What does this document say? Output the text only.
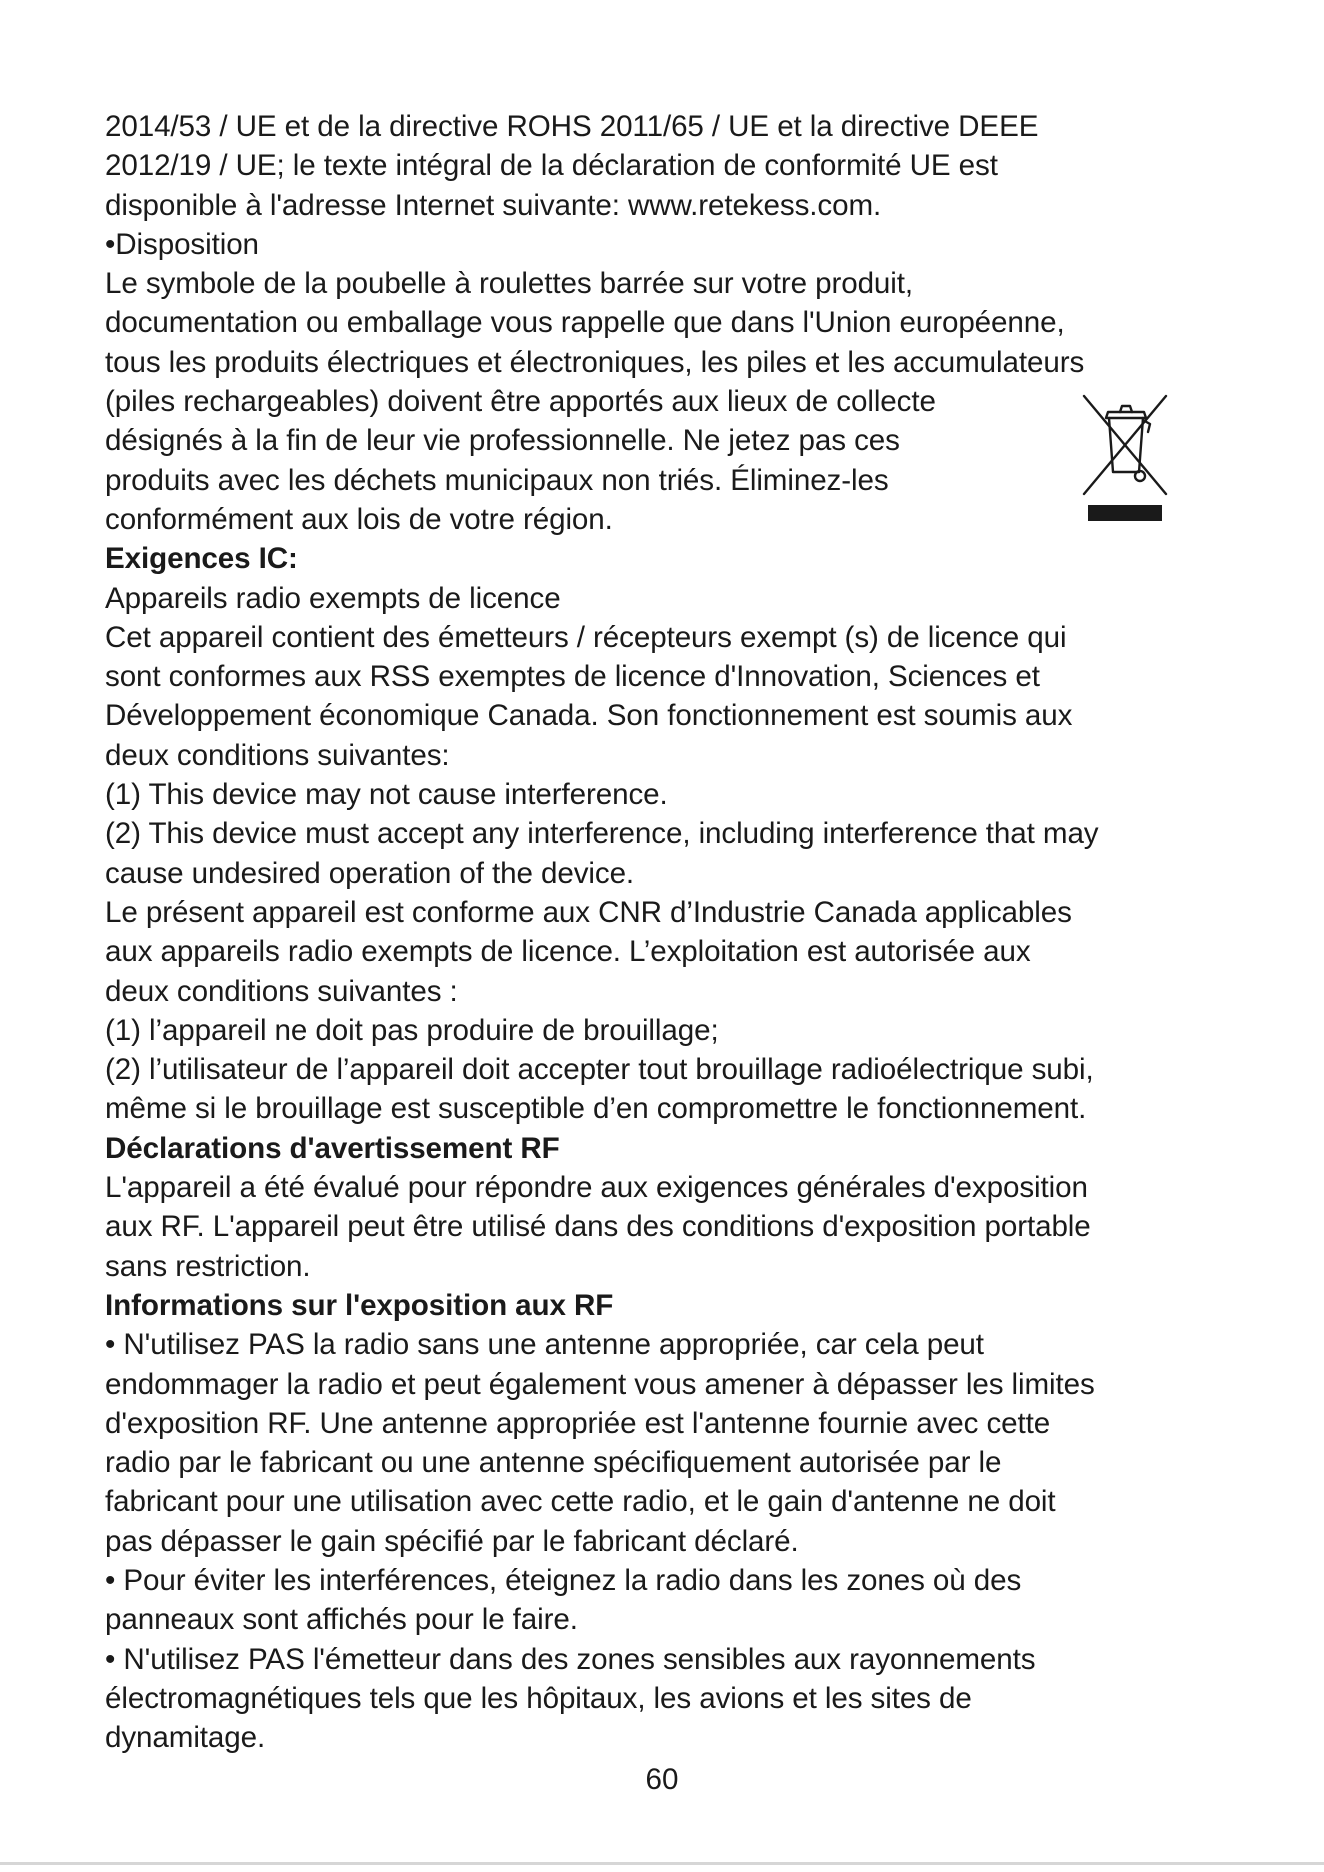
2014/53 / UE et de la directive ROHS 2011/65 / UE et la directive DEEE
2012/19 / UE; le texte intégral de la déclaration de conformité UE est
disponible à l'adresse Internet suivante: www.retekess.com.
•Disposition
Le symbole de la poubelle à roulettes barrée sur votre produit,
documentation ou emballage vous rappelle que dans l'Union européenne,
tous les produits électriques et électroniques, les piles et les accumulateurs
(piles rechargeables) doivent être apportés aux lieux de collecte
désignés à la fin de leur vie professionnelle. Ne jetez pas ces
produits avec les déchets municipaux non triés. Éliminez-les
conformément aux lois de votre région.
Exigences IC:
Appareils radio exempts de licence
Cet appareil contient des émetteurs / récepteurs exempt (s) de licence qui
sont conformes aux RSS exemptes de licence d'Innovation, Sciences et
Développement économique Canada. Son fonctionnement est soumis aux
deux conditions suivantes:
(1) This device may not cause interference.
(2) This device must accept any interference, including interference that may
cause undesired operation of the device.
Le présent appareil est conforme aux CNR d’Industrie Canada applicables
aux appareils radio exempts de licence. L’exploitation est autorisée aux
deux conditions suivantes :
(1) l’appareil ne doit pas produire de brouillage;
(2) l’utilisateur de l’appareil doit accepter tout brouillage radioélectrique subi,
même si le brouillage est susceptible d’en compromettre le fonctionnement.
Déclarations d'avertissement RF
L'appareil a été évalué pour répondre aux exigences générales d'exposition
aux RF. L'appareil peut être utilisé dans des conditions d'exposition portable
sans restriction.
Informations sur l'exposition aux RF
• N'utilisez PAS la radio sans une antenne appropriée, car cela peut
endommager la radio et peut également vous amener à dépasser les limites
d'exposition RF. Une antenne appropriée est l'antenne fournie avec cette
radio par le fabricant ou une antenne spécifiquement autorisée par le
fabricant pour une utilisation avec cette radio, et le gain d'antenne ne doit
pas dépasser le gain spécifié par le fabricant déclaré.
• Pour éviter les interférences, éteignez la radio dans les zones où des
panneaux sont affichés pour le faire.
• N'utilisez PAS l'émetteur dans des zones sensibles aux rayonnements
électromagnétiques tels que les hôpitaux, les avions et les sites de
dynamitage.
60
